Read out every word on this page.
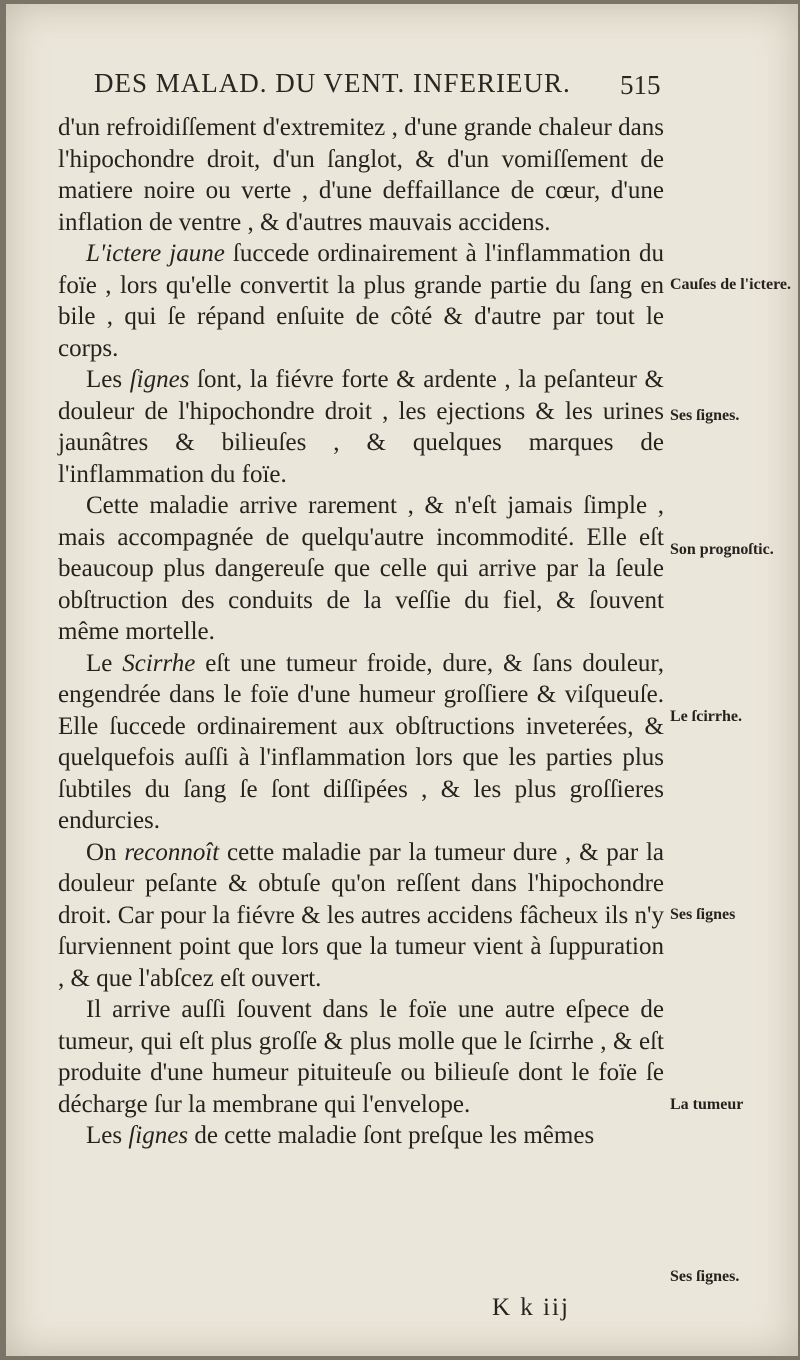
DES MALAD. DU VENT. INFERIEUR.	515

d'un refroidiſſement d'extremitez , d'une grande chaleur dans l'hipochondre droit, d'un ſanglot, & d'un vomiſſement de matiere noire ou verte , d'une deffaillance de cœur, d'une inflation de ventre , & d'autres mauvais accidens.

L'ictere jaune ſuccede ordinairement à l'inflammation du foïe , lors qu'elle convertit la plus grande partie du ſang en bile , qui ſe répand enſuite de côté & d'autre par tout le corps.

Les ſignes ſont, la fiévre forte & ardente , la peſanteur & douleur de l'hipochondre droit , les ejections & les urines jaunâtres & bilieuſes , & quelques marques de l'inflammation du foïe.

Cette maladie arrive rarement , & n'eſt jamais ſimple , mais accompagnée de quelqu'autre incommodité. Elle eſt beaucoup plus dangereuſe que celle qui arrive par la ſeule obſtruction des conduits de la veſſie du fiel, & ſouvent même mortelle.

Le Scirrhe eſt une tumeur froide, dure, & ſans douleur, engendrée dans le foïe d'une humeur groſſiere & viſqueuſe. Elle ſuccede ordinairement aux obſtructions inveterées, & quelquefois auſſi à l'inflammation lors que les parties plus ſubtiles du ſang ſe ſont diſſipées , & les plus groſſieres endurcies.

On reconnoît cette maladie par la tumeur dure , & par la douleur peſante & obtuſe qu'on reſſent dans l'hipochondre droit. Car pour la fiévre & les autres accidens fâcheux ils n'y ſurviennent point que lors que la tumeur vient à ſuppuration , & que l'abſcez eſt ouvert.

Il arrive auſſi ſouvent dans le foïe une autre eſpece de tumeur, qui eſt plus groſſe & plus molle que le ſcirrhe , & eſt produite d'une humeur pituiteuſe ou bilieuſe dont le foïe ſe décharge ſur la membrane qui l'envelope.

Les ſignes de cette maladie ſont preſque les mêmes

Cauſes de l'ictere.
Ses ſignes.
Son prognoſtic.
Le ſcirrhe.
Ses ſignes
La tumeur
Ses ſignes.
K k iij
